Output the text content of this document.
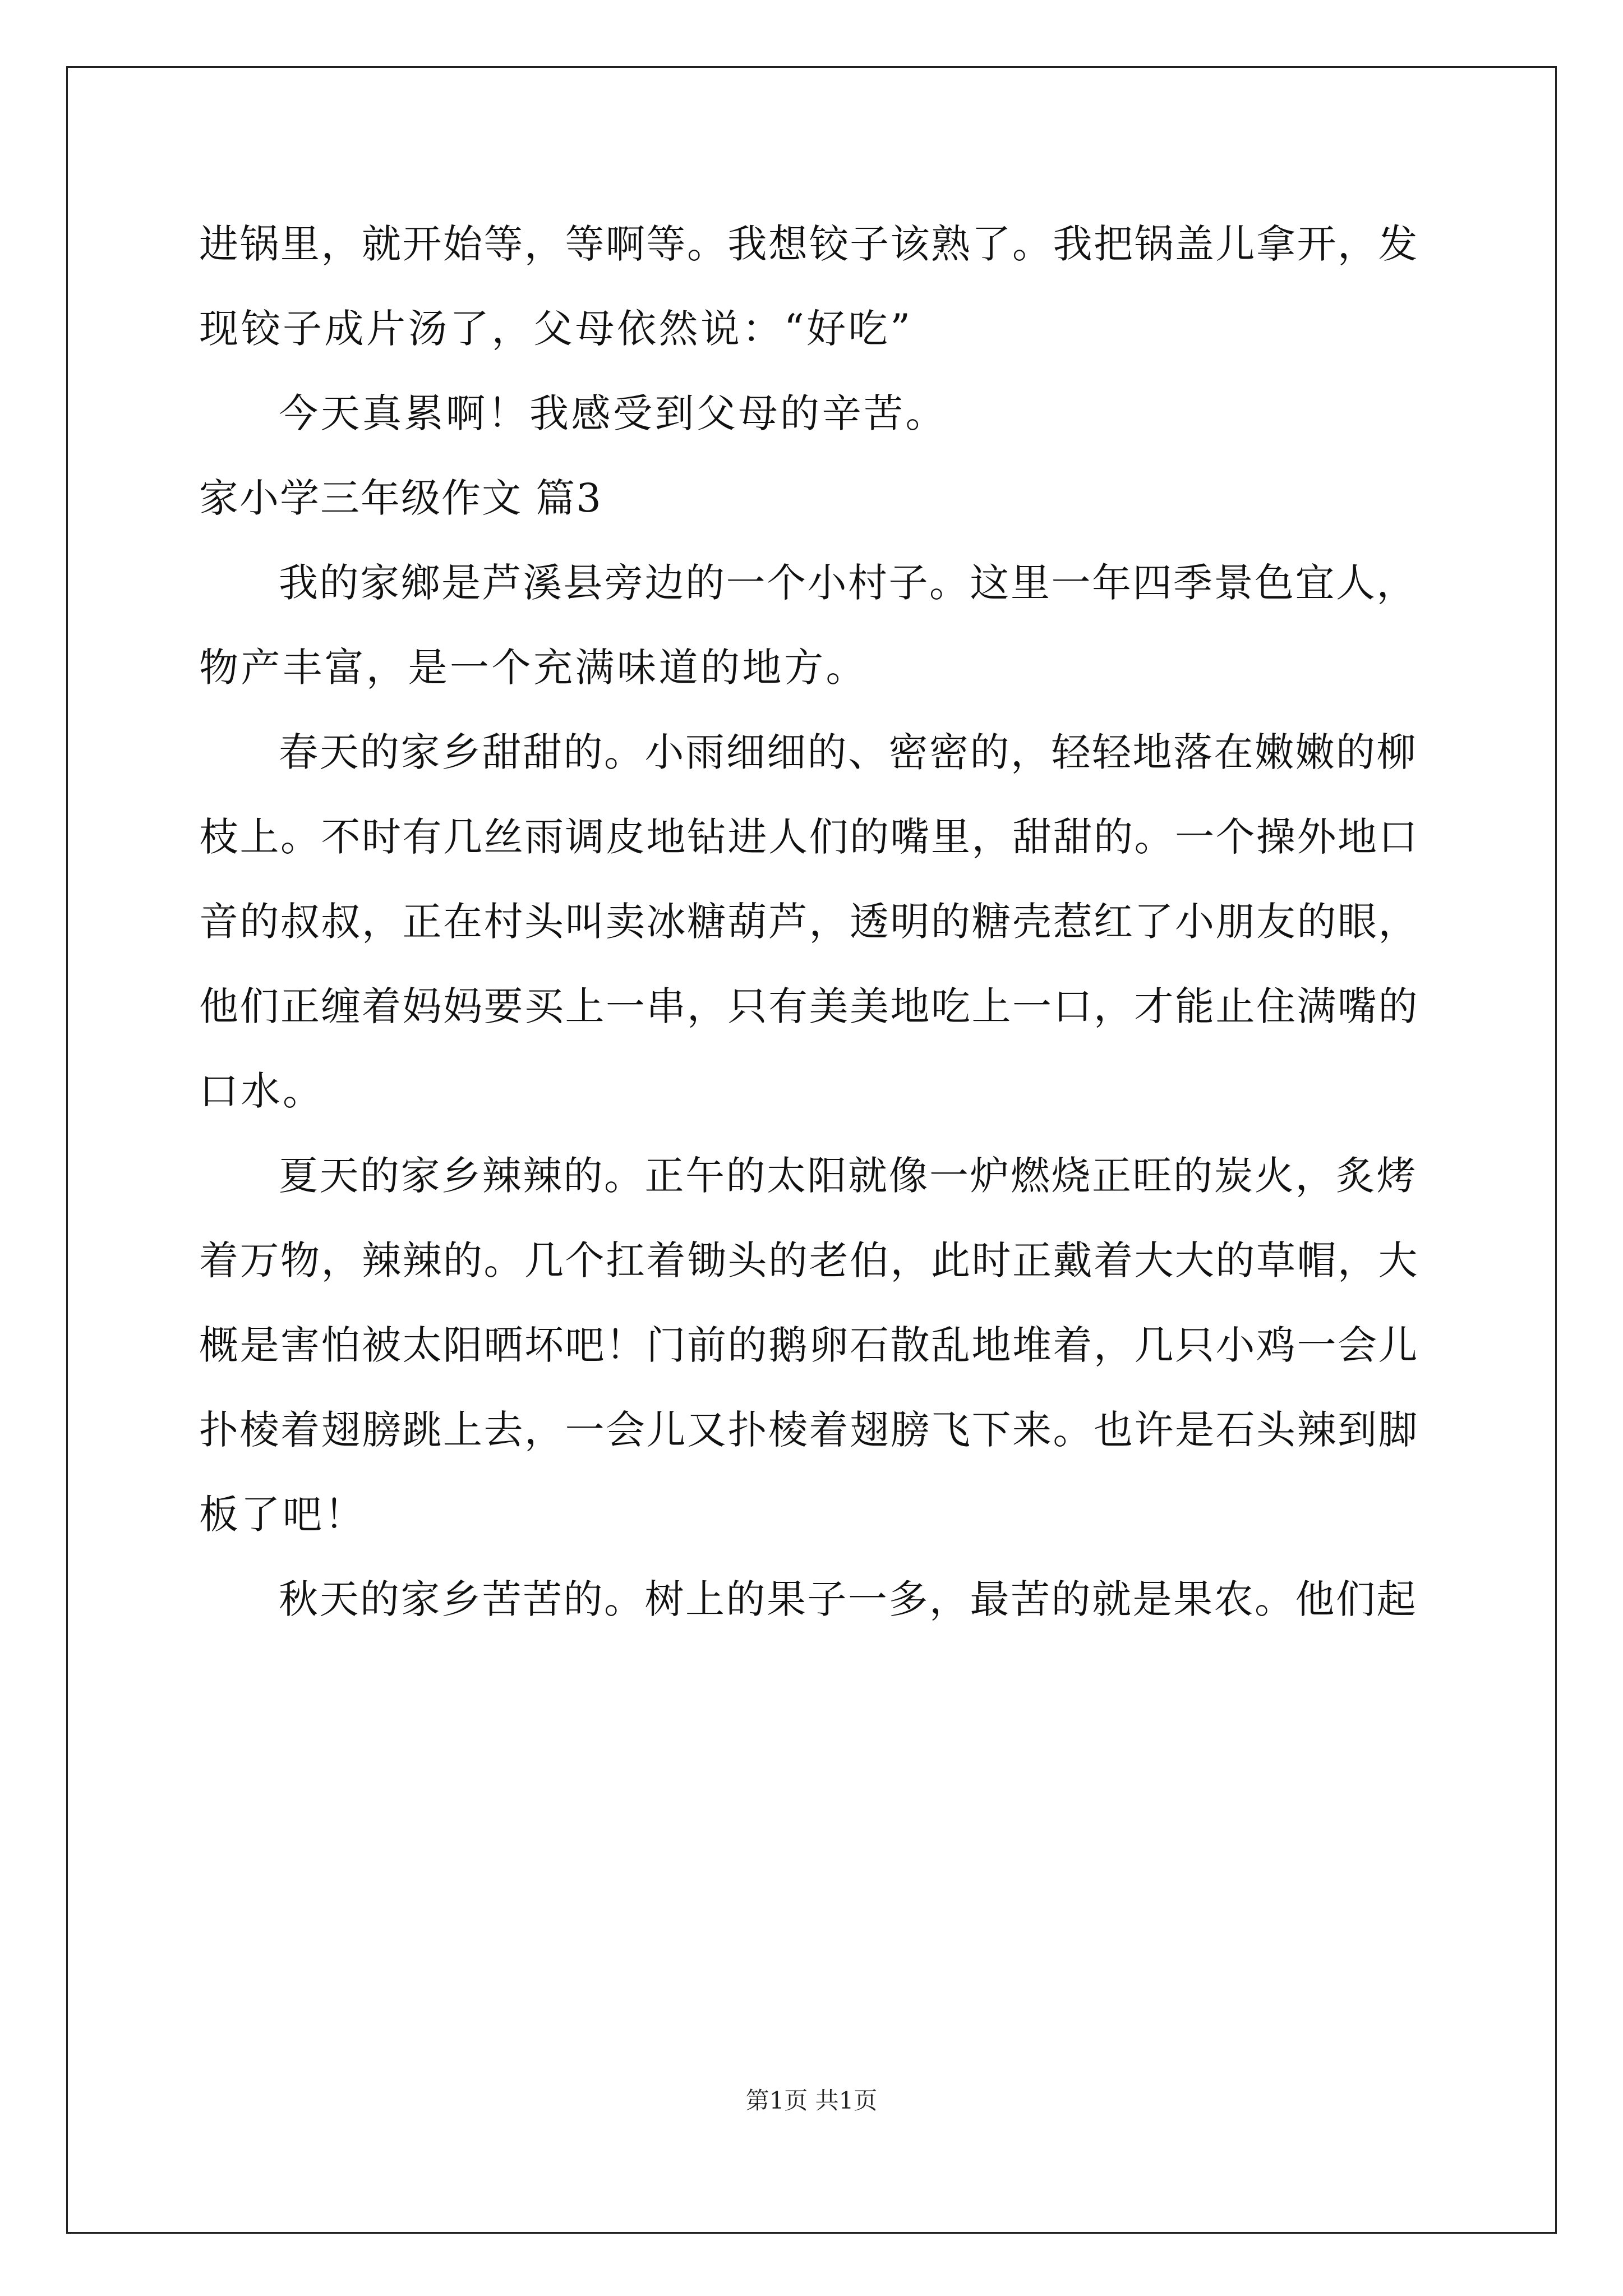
进锅里，就开始等，等啊等。我想铰子该熟了。我把锅盖儿拿开，发
现铰子成片汤了，父母依然说：“好吃”
今天真累啊！我感受到父母的辛苦。
家小学三年级作文 篇3
我的家鄉是芦溪县旁边的一个小村子。这里一年四季景色宜人，
物产丰富，是一个充满味道的地方。
春天的家乡甜甜的。小雨细细的、密密的，轻轻地落在嫩嫩的柳
枝上。不时有几丝雨调皮地钻进人们的嘴里，甜甜的。一个操外地口
音的叔叔，正在村头叫卖冰糖葫芦，透明的糖壳惹红了小朋友的眼，
他们正缠着妈妈要买上一串，只有美美地吃上一口，才能止住满嘴的
口水。
夏天的家乡辣辣的。正午的太阳就像一炉燃烧正旺的炭火，炙烤
着万物，辣辣的。几个扛着锄头的老伯，此时正戴着大大的草帽，大
概是害怕被太阳晒坏吧！门前的鹅卵石散乱地堆着，几只小鸡一会儿
扑棱着翅膀跳上去，一会儿又扑棱着翅膀飞下来。也许是石头辣到脚
板了吧！
秋天的家乡苦苦的。树上的果子一多，最苦的就是果农。他们起
第1页 共1页
